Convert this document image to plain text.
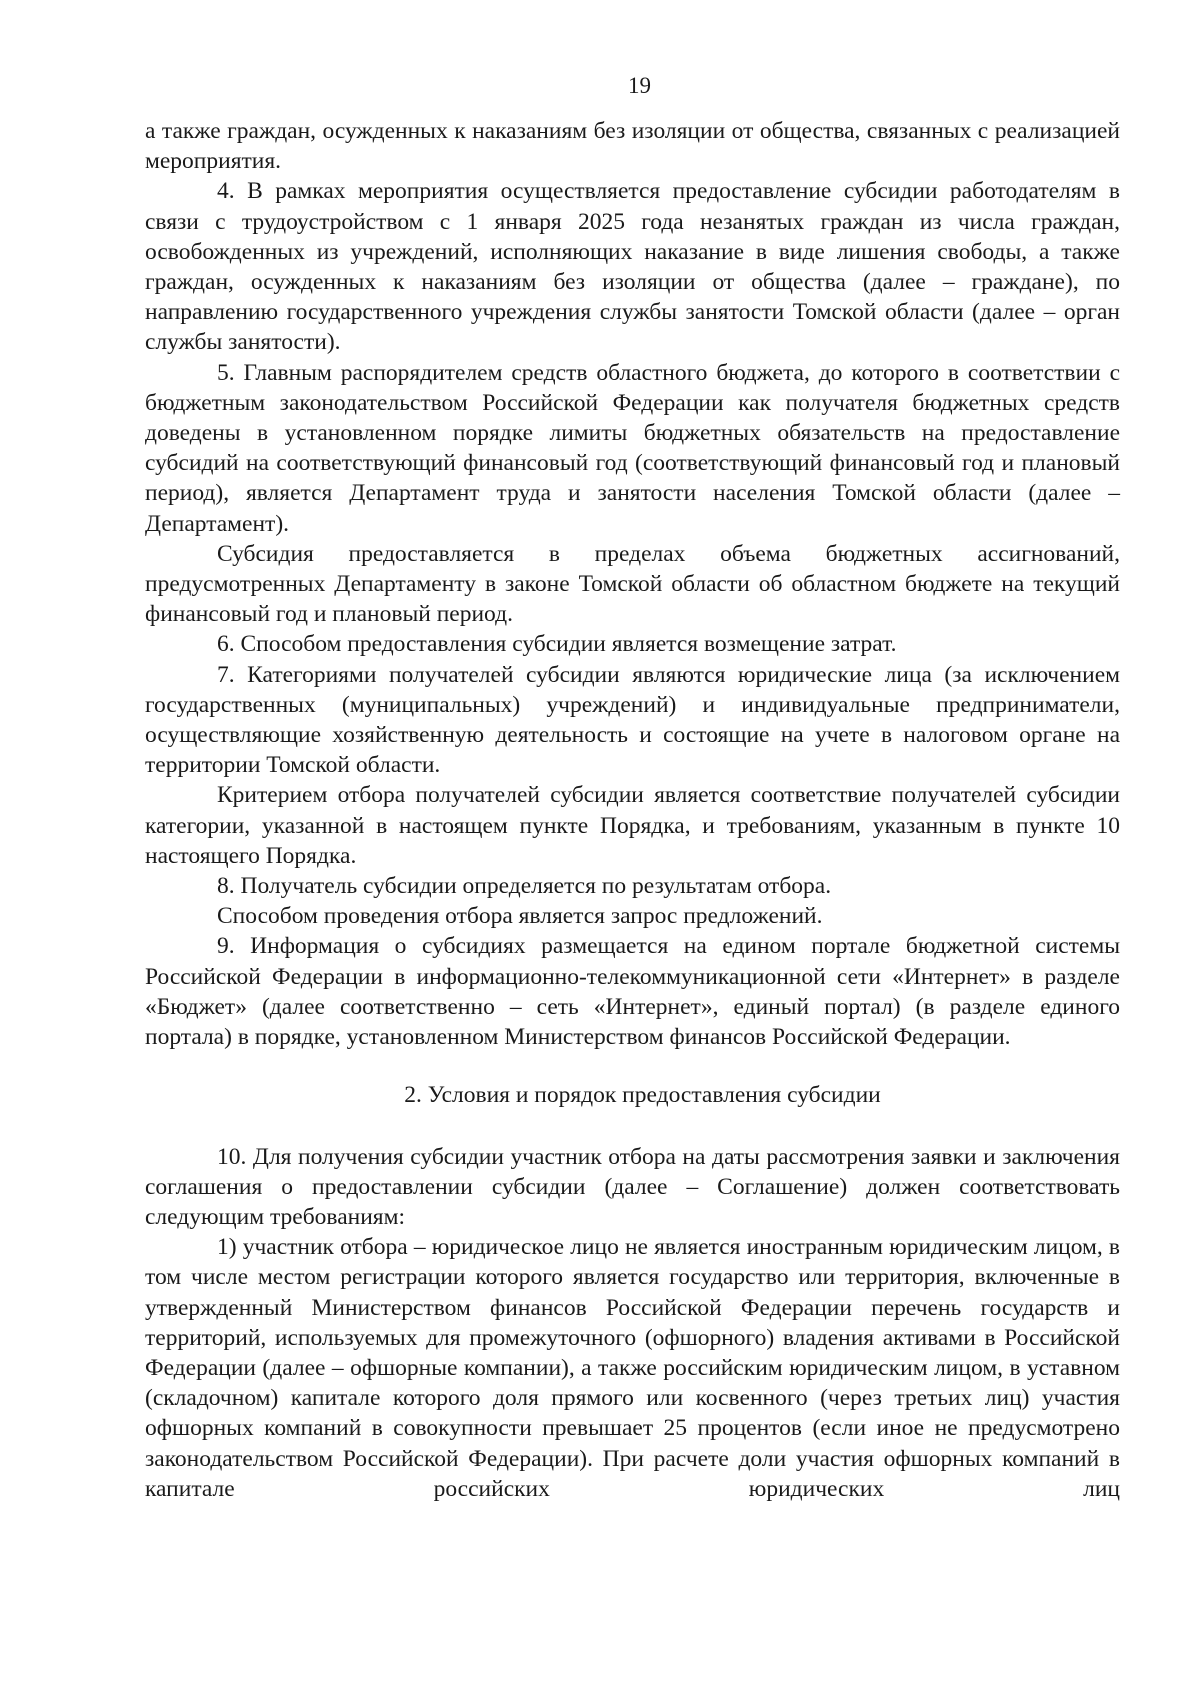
19

а также граждан, осужденных к наказаниям без изоляции от общества, связанных с реализацией мероприятия.

4. В рамках мероприятия осуществляется предоставление субсидии работодателям в связи с трудоустройством с 1 января 2025 года незанятых граждан из числа граждан, освобожденных из учреждений, исполняющих наказание в виде лишения свободы, а также граждан, осужденных к наказаниям без изоляции от общества (далее – граждане), по направлению государственного учреждения службы занятости Томской области (далее – орган службы занятости).

5. Главным распорядителем средств областного бюджета, до которого в соответствии с бюджетным законодательством Российской Федерации как получателя бюджетных средств доведены в установленном порядке лимиты бюджетных обязательств на предоставление субсидий на соответствующий финансовый год (соответствующий финансовый год и плановый период), является Департамент труда и занятости населения Томской области (далее – Департамент).

Субсидия предоставляется в пределах объема бюджетных ассигнований, предусмотренных Департаменту в законе Томской области об областном бюджете на текущий финансовый год и плановый период.

6. Способом предоставления субсидии является возмещение затрат.

7. Категориями получателей субсидии являются юридические лица (за исключением государственных (муниципальных) учреждений) и индивидуальные предприниматели, осуществляющие хозяйственную деятельность и состоящие на учете в налоговом органе на территории Томской области.

Критерием отбора получателей субсидии является соответствие получателей субсидии категории, указанной в настоящем пункте Порядка, и требованиям, указанным в пункте 10 настоящего Порядка.

8. Получатель субсидии определяется по результатам отбора.

Способом проведения отбора является запрос предложений.

9. Информация о субсидиях размещается на едином портале бюджетной системы Российской Федерации в информационно-телекоммуникационной сети «Интернет» в разделе «Бюджет» (далее соответственно – сеть «Интернет», единый портал) (в разделе единого портала) в порядке, установленном Министерством финансов Российской Федерации.

2. Условия и порядок предоставления субсидии

10. Для получения субсидии участник отбора на даты рассмотрения заявки и заключения соглашения о предоставлении субсидии (далее – Соглашение) должен соответствовать следующим требованиям:

1) участник отбора – юридическое лицо не является иностранным юридическим лицом, в том числе местом регистрации которого является государство или территория, включенные в утвержденный Министерством финансов Российской Федерации перечень государств и территорий, используемых для промежуточного (офшорного) владения активами в Российской Федерации (далее – офшорные компании), а также российским юридическим лицом, в уставном (складочном) капитале которого доля прямого или косвенного (через третьих лиц) участия офшорных компаний в совокупности превышает 25 процентов (если иное не предусмотрено законодательством Российской Федерации). При расчете доли участия офшорных компаний в капитале российских юридических лиц
